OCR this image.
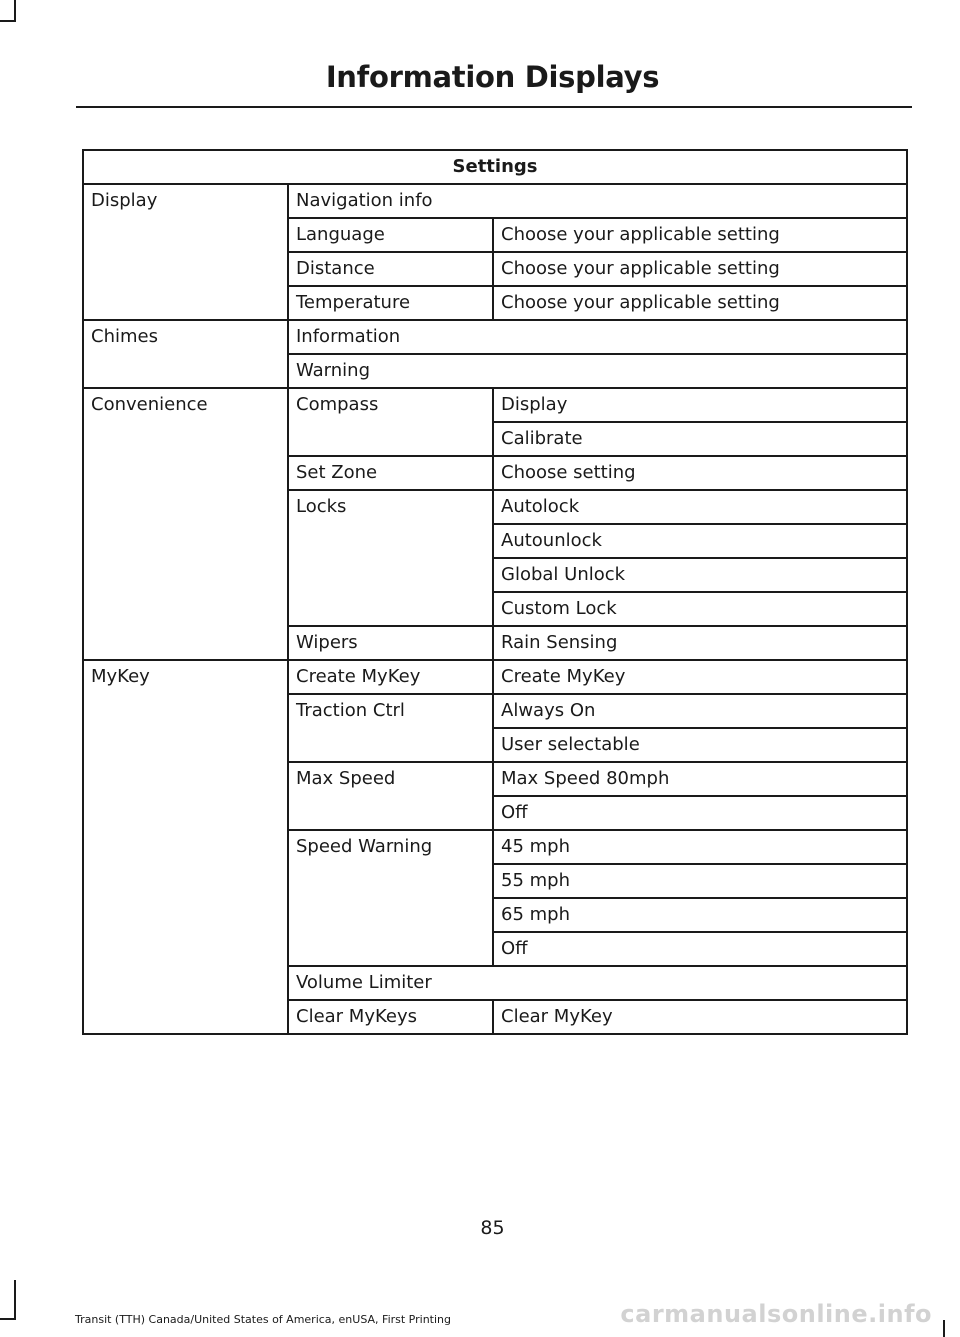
Information Displays
Settings		
Display	Navigation info	
	Language	Choose your applicable setting
	Distance	Choose your applicable setting
	Temperature	Choose your applicable setting
Chimes	Information	
	Warning	
Convenience	Compass	Display
		Calibrate
	Set Zone	Choose setting
	Locks	Autolock
		Autounlock
		Global Unlock
		Custom Lock
	Wipers	Rain Sensing
MyKey	Create MyKey	Create MyKey
	Traction Ctrl	Always On
		User selectable
	Max Speed	Max Speed 80mph
		Off
	Speed Warning	45 mph
		55 mph
		65 mph
		Off
	Volume Limiter	
	Clear MyKeys	Clear MyKey
85
Transit (TTH) Canada/United States of America, enUSA, First Printing	carmanualsonline.info
